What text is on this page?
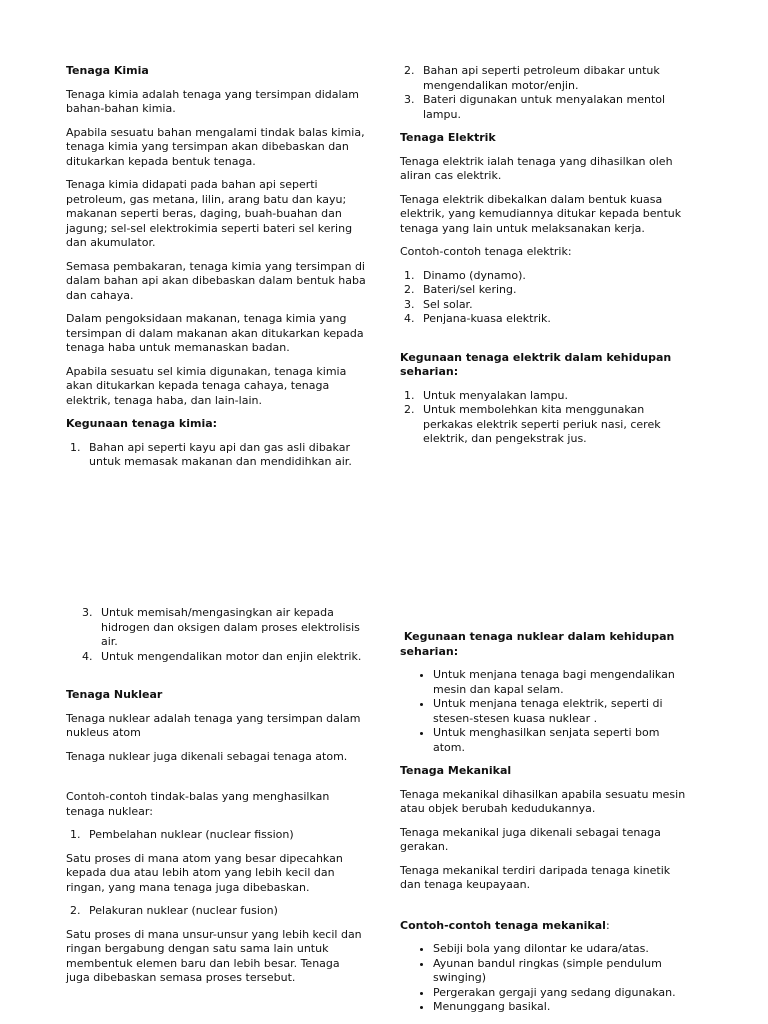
Tenaga Kimia

Tenaga kimia adalah tenaga yang tersimpan didalam bahan-bahan kimia.

Apabila sesuatu bahan mengalami tindak balas kimia, tenaga kimia yang tersimpan akan dibebaskan dan ditukarkan kepada bentuk tenaga.

Tenaga kimia didapati pada bahan api seperti petroleum, gas metana, lilin, arang batu dan kayu; makanan seperti beras, daging, buah-buahan dan jagung; sel-sel elektrokimia seperti bateri sel kering dan akumulator.

Semasa pembakaran, tenaga kimia yang tersimpan di dalam bahan api akan dibebaskan dalam bentuk haba dan cahaya.

Dalam pengoksidaan makanan, tenaga kimia yang tersimpan di dalam makanan akan ditukarkan kepada tenaga haba untuk memanaskan badan.

Apabila sesuatu sel kimia digunakan, tenaga kimia akan ditukarkan kepada tenaga cahaya, tenaga elektrik, tenaga haba, dan lain-lain.

Kegunaan tenaga kimia:
1. Bahan api seperti kayu api dan gas asli dibakar untuk memasak makanan dan mendidihkan air.
2. Bahan api seperti petroleum dibakar untuk mengendalikan motor/enjin.
3. Bateri digunakan untuk menyalakan mentol lampu.
Tenaga Elektrik

Tenaga elektrik ialah tenaga yang dihasilkan oleh aliran cas elektrik.

Tenaga elektrik dibekalkan dalam bentuk kuasa elektrik, yang kemudiannya ditukar kepada bentuk tenaga yang lain untuk melaksanakan kerja.

Contoh-contoh tenaga elektrik:

1. Dinamo (dynamo).
2. Bateri/sel kering.
3. Sel solar.
4. Penjana-kuasa elektrik.
Kegunaan tenaga elektrik dalam kehidupan seharian:
1. Untuk menyalakan lampu.
2. Untuk membolehkan kita menggunakan perkakas elektrik seperti periuk nasi, cerek elektrik, dan pengekstrak jus.
3. Untuk memisah/mengasingkan air kepada hidrogen dan oksigen dalam proses elektrolisis air.
4. Untuk mengendalikan motor dan enjin elektrik.
Tenaga Nuklear

Tenaga nuklear adalah tenaga yang tersimpan dalam nukleus atom

Tenaga nuklear juga dikenali sebagai tenaga atom.

Contoh-contoh tindak-balas yang menghasilkan tenaga nuklear:

1. Pembelahan nuklear (nuclear fission)

Satu proses di mana atom yang besar dipecahkan kepada dua atau lebih atom yang lebih kecil dan ringan, yang mana tenaga juga dibebaskan.

2. Pelakuran nuklear (nuclear fusion)

Satu proses di mana unsur-unsur yang lebih kecil dan ringan bergabung dengan satu sama lain untuk membentuk elemen baru dan lebih besar. Tenaga juga dibebaskan semasa proses tersebut.

Kegunaan tenaga nuklear dalam kehidupan seharian:
• Untuk menjana tenaga bagi mengendalikan mesin dan kapal selam.
• Untuk menjana tenaga elektrik, seperti di stesen-stesen kuasa nuklear .
• Untuk menghasilkan senjata seperti bom atom.
Tenaga Mekanikal

Tenaga mekanikal dihasilkan apabila sesuatu mesin atau objek berubah kedudukannya.

Tenaga mekanikal juga dikenali sebagai tenaga gerakan.

Tenaga mekanikal terdiri daripada tenaga kinetik dan tenaga keupayaan.

Contoh-contoh tenaga mekanikal:
• Sebiji bola yang dilontar ke udara/atas.
• Ayunan bandul ringkas (simple pendulum swinging)
• Pergerakan gergaji yang sedang digunakan.
• Menunggang basikal.
